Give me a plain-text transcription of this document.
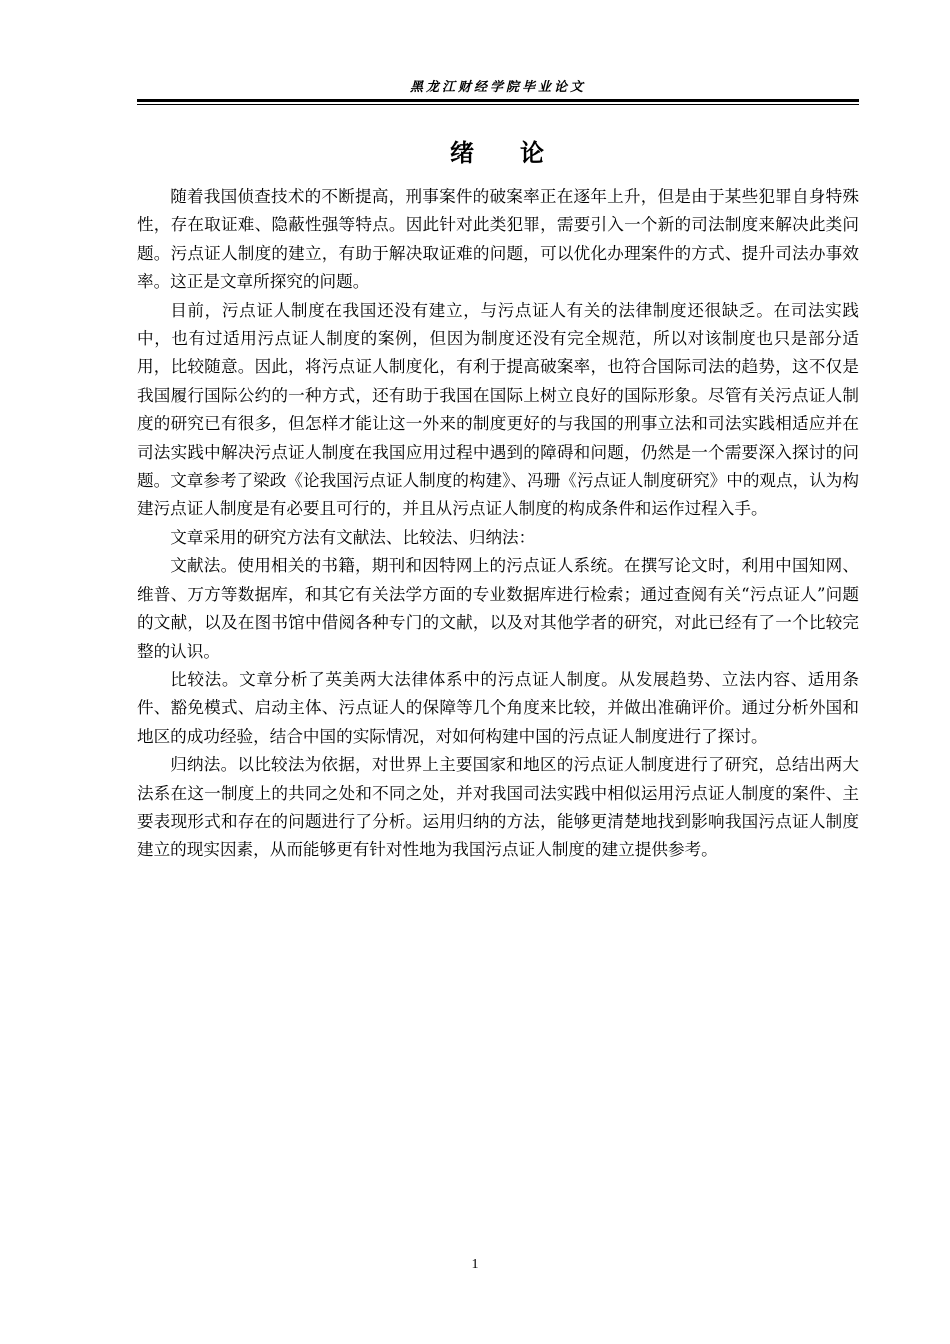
黑龙江财经学院毕业论文
绪 论

随着我国侦查技术的不断提高，刑事案件的破案率正在逐年上升，但是由于某些犯罪自身特殊性，存在取证难、隐蔽性强等特点。因此针对此类犯罪，需要引入一个新的司法制度来解决此类问题。污点证人制度的建立，有助于解决取证难的问题，可以优化办理案件的方式、提升司法办事效率。这正是文章所探究的问题。

目前，污点证人制度在我国还没有建立，与污点证人有关的法律制度还很缺乏。在司法实践中，也有过适用污点证人制度的案例，但因为制度还没有完全规范，所以对该制度也只是部分适用，比较随意。因此，将污点证人制度化，有利于提高破案率，也符合国际司法的趋势，这不仅是我国履行国际公约的一种方式，还有助于我国在国际上树立良好的国际形象。尽管有关污点证人制度的研究已有很多，但怎样才能让这一外来的制度更好的与我国的刑事立法和司法实践相适应并在司法实践中解决污点证人制度在我国应用过程中遇到的障碍和问题，仍然是一个需要深入探讨的问题。文章参考了梁政《论我国污点证人制度的构建》、冯珊《污点证人制度研究》中的观点，认为构建污点证人制度是有必要且可行的，并且从污点证人制度的构成条件和运作过程入手。

文章采用的研究方法有文献法、比较法、归纳法：

文献法。使用相关的书籍，期刊和因特网上的污点证人系统。在撰写论文时，利用中国知网、维普、万方等数据库，和其它有关法学方面的专业数据库进行检索；通过查阅有关“污点证人”问题的文献，以及在图书馆中借阅各种专门的文献，以及对其他学者的研究，对此已经有了一个比较完整的认识。

比较法。文章分析了英美两大法律体系中的污点证人制度。从发展趋势、立法内容、适用条件、豁免模式、启动主体、污点证人的保障等几个角度来比较，并做出准确评价。通过分析外国和地区的成功经验，结合中国的实际情况，对如何构建中国的污点证人制度进行了探讨。

归纳法。以比较法为依据，对世界上主要国家和地区的污点证人制度进行了研究，总结出两大法系在这一制度上的共同之处和不同之处，并对我国司法实践中相似运用污点证人制度的案件、主要表现形式和存在的问题进行了分析。运用归纳的方法，能够更清楚地找到影响我国污点证人制度建立的现实因素，从而能够更有针对性地为我国污点证人制度的建立提供参考。

1
